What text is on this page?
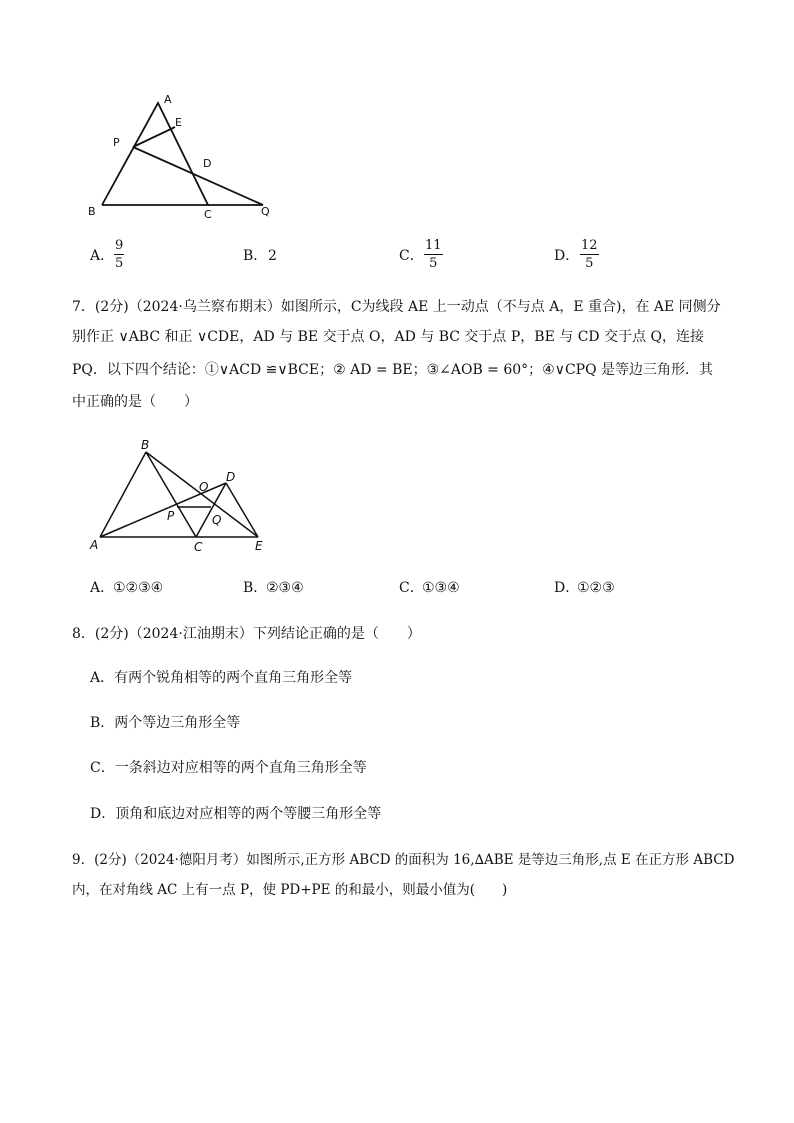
A
E
P
D
B	C	Q
A． $\frac{9}{5}$	B． 2	C． $\frac{11}{5}$	D． $\frac{12}{5}$
7．(2分)（2024·乌兰察布期末）如图所示，C为线段 AE 上一动点（不与点 A，E 重合)，在 AE 同侧分
别作正 ∨ABC 和正 ∨CDE，AD 与 BE 交于点 O，AD 与 BC 交于点 P，BE 与 CD 交于点 Q，连接
PQ．以下四个结论：①∨ACD ≌∨BCE；② AD = BE；③∠AOB = 60°；④∨CPQ 是等边三角形．其
中正确的是（　　）
B
D
O
P	Q
A	C	E
A．
①②③④	B．
②③④	C．
①③④	D．
①②③
8．(2分)（2024·江油期末）下列结论正确的是（　　）
A．有两个锐角相等的两个直角三角形全等
B．两个等边三角形全等
C．一条斜边对应相等的两个直角三角形全等
D．顶角和底边对应相等的两个等腰三角形全等
9．(2分)（2024·德阳月考）如图所示,正方形 ABCD 的面积为 16,∆ABE 是等边三角形,点 E 在正方形 ABCD
内，在对角线 AC 上有一点 P，使 PD+PE 的和最小，则最小值为(　　)
